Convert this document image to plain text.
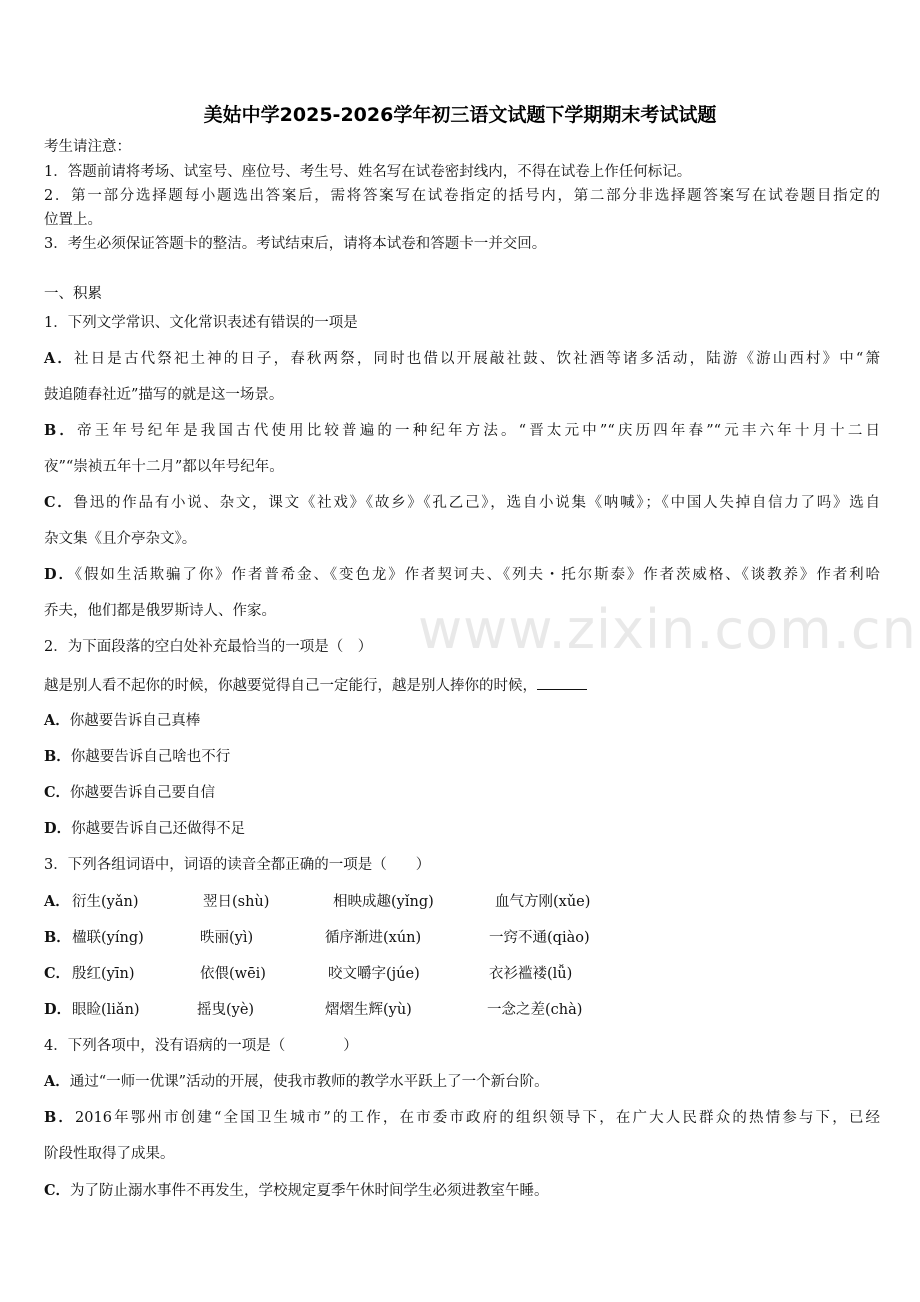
www.zixin.com.cn
美姑中学2025-2026学年初三语文试题下学期期末考试试题
考生请注意：
1．答题前请将考场、试室号、座位号、考生号、姓名写在试卷密封线内，不得在试卷上作任何标记。
2．第一部分选择题每小题选出答案后，需将答案写在试卷指定的括号内，第二部分非选择题答案写在试卷题目指定的
位置上。
3．考生必须保证答题卡的整洁。考试结束后，请将本试卷和答题卡一并交回。
一、积累
1．下列文学常识、文化常识表述有错误的一项是
A．社日是古代祭祀土神的日子，春秋两祭，同时也借以开展敲社鼓、饮社酒等诸多活动，陆游《游山西村》中“箫
鼓追随春社近”描写的就是这一场景。
B．帝王年号纪年是我国古代使用比较普遍的一种纪年方法。“晋太元中”“庆历四年春”“元丰六年十月十二日
夜”“崇祯五年十二月”都以年号纪年。
C．鲁迅的作品有小说、杂文，课文《社戏》《故乡》《孔乙己》，选自小说集《呐喊》；《中国人失掉自信力了吗》选自
杂文集《且介亭杂文》。
D．《假如生活欺骗了你》作者普希金、《变色龙》作者契诃夫、《列夫・托尔斯泰》作者茨威格、《谈教养》作者利哈
乔夫，他们都是俄罗斯诗人、作家。
2．为下面段落的空白处补充最恰当的一项是（　）
越是别人看不起你的时候，你越要觉得自己一定能行，越是别人捧你的时候，
A．你越要告诉自己真棒
B．你越要告诉自己啥也不行
C．你越要告诉自己要自信
D．你越要告诉自己还做得不足
3．下列各组词语中，词语的读音全都正确的一项是（　　）
A． 衍生(yǎn)	翌日(shù)	相映成趣(yǐng)	血气方刚(xǔe)
B． 楹联(yíng)	昳丽(yì)	循序渐进(xún)	一窍不通(qiào)
C． 殷红(yīn)	依偎(wēi)	咬文嚼字(júe)	衣衫褴褛(lǚ)
D． 眼睑(liǎn)	摇曳(yè)	熠熠生辉(yù)	一念之差(chà)
4．下列各项中，没有语病的一项是（　　　　）
A．通过“一师一优课”活动的开展，使我市教师的教学水平跃上了一个新台阶。
B．2016年鄂州市创建“全国卫生城市”的工作，在市委市政府的组织领导下，在广大人民群众的热情参与下，已经
阶段性取得了成果。
C．为了防止溺水事件不再发生，学校规定夏季午休时间学生必须进教室午睡。
